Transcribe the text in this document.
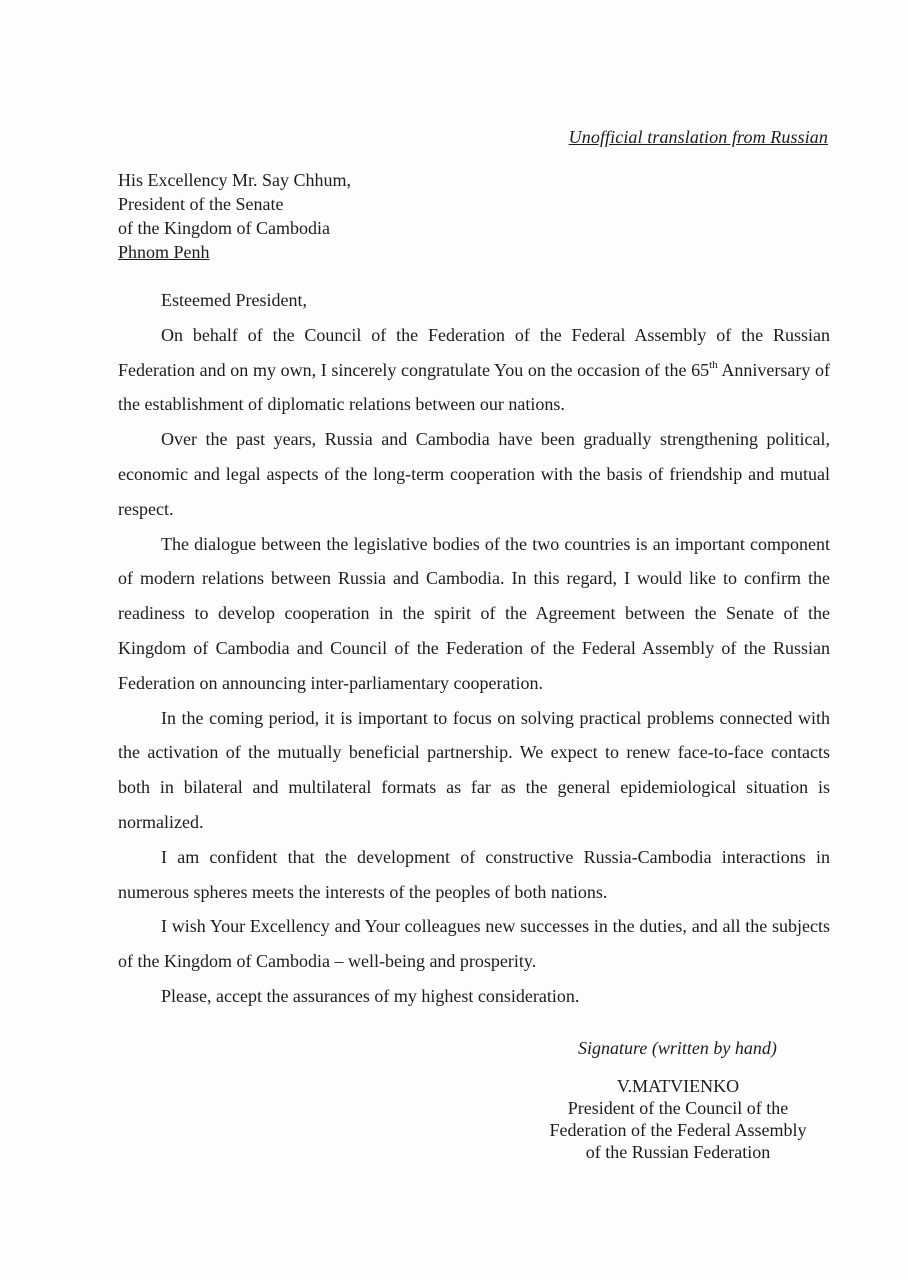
Unofficial translation from Russian
His Excellency Mr. Say Chhum,
President of the Senate
of the Kingdom of Cambodia
Phnom Penh

Esteemed President,

On behalf of the Council of the Federation of the Federal Assembly of the Russian Federation and on my own, I sincerely congratulate You on the occasion of the 65th Anniversary of the establishment of diplomatic relations between our nations.

Over the past years, Russia and Cambodia have been gradually strengthening political, economic and legal aspects of the long-term cooperation with the basis of friendship and mutual respect.

The dialogue between the legislative bodies of the two countries is an important component of modern relations between Russia and Cambodia. In this regard, I would like to confirm the readiness to develop cooperation in the spirit of the Agreement between the Senate of the Kingdom of Cambodia and Council of the Federation of the Federal Assembly of the Russian Federation on announcing inter-parliamentary cooperation.

In the coming period, it is important to focus on solving practical problems connected with the activation of the mutually beneficial partnership. We expect to renew face-to-face contacts both in bilateral and multilateral formats as far as the general epidemiological situation is normalized.

I am confident that the development of constructive Russia-Cambodia interactions in numerous spheres meets the interests of the peoples of both nations.

I wish Your Excellency and Your colleagues new successes in the duties, and all the subjects of the Kingdom of Cambodia – well-being and prosperity.

Please, accept the assurances of my highest consideration.

Signature (written by hand)
V.MATVIENKO
President of the Council of the
Federation of the Federal Assembly
of the Russian Federation
